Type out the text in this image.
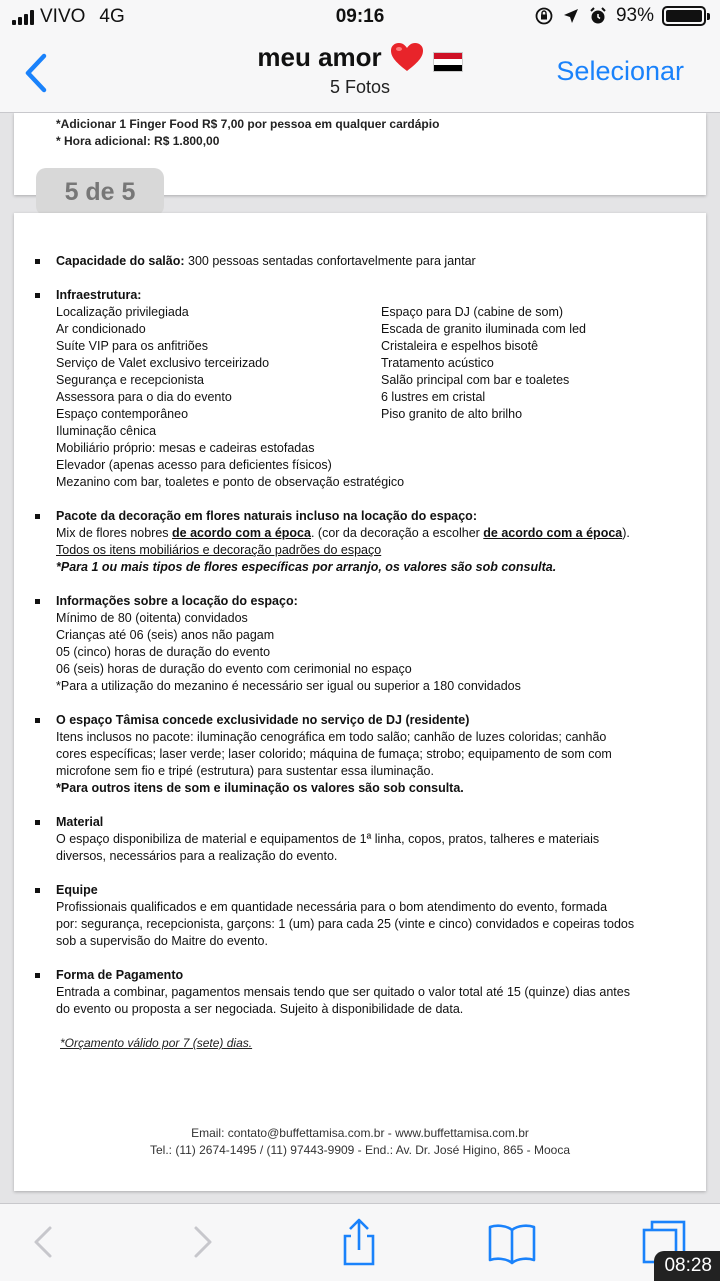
VIVO 4G	09:16	93%
meu amor
5 Fotos
Selecionar
*Adicionar 1 Finger Food R$ 7,00 por pessoa em qualquer cardápio
* Hora adicional: R$ 1.800,00
5 de 5
Capacidade do salão: 300 pessoas sentadas confortavelmente para jantar
Infraestrutura:
Localização privilegiada
Ar condicionado
Suíte VIP para os anfitriões
Serviço de Valet exclusivo terceirizado
Segurança e recepcionista
Assessora para o dia do evento
Espaço contemporâneo
Iluminação cênica
Mobiliário próprio: mesas e cadeiras estofadas
Elevador (apenas acesso para deficientes físicos)
Mezanino com bar, toaletes e ponto de observação estratégico
Espaço para DJ (cabine de som)
Escada de granito iluminada com led
Cristaleira e espelhos bisotê
Tratamento acústico
Salão principal com bar e toaletes
6 lustres em cristal
Piso granito de alto brilho
Pacote da decoração em flores naturais incluso na locação do espaço:
Mix de flores nobres de acordo com a época. (cor da decoração a escolher de acordo com a época).
Todos os itens mobiliários e decoração padrões do espaço
*Para 1 ou mais tipos de flores específicas por arranjo, os valores são sob consulta.
Informações sobre a locação do espaço:
Mínimo de 80 (oitenta) convidados
Crianças até 06 (seis) anos não pagam
05 (cinco) horas de duração do evento
06 (seis) horas de duração do evento com cerimonial no espaço
*Para a utilização do mezanino é necessário ser igual ou superior a 180 convidados
O espaço Tâmisa concede exclusividade no serviço de DJ (residente)
Itens inclusos no pacote: iluminação cenográfica em todo salão; canhão de luzes coloridas; canhão
cores específicas; laser verde; laser colorido; máquina de fumaça; strobo; equipamento de som com
microfone sem fio e tripé (estrutura) para sustentar essa iluminação.
*Para outros itens de som e iluminação os valores são sob consulta.
Material
O espaço disponibiliza de material e equipamentos de 1ª linha, copos, pratos, talheres e materiais
diversos, necessários para a realização do evento.
Equipe
Profissionais qualificados e em quantidade necessária para o bom atendimento do evento, formada
por: segurança, recepcionista, garçons: 1 (um) para cada 25 (vinte e cinco) convidados e copeiras todos
sob a supervisão do Maitre do evento.
Forma de Pagamento
Entrada a combinar, pagamentos mensais tendo que ser quitado o valor total até 15 (quinze) dias antes
do evento ou proposta a ser negociada. Sujeito à disponibilidade de data.
*Orçamento válido por 7 (sete) dias.
Email: contato@buffettamisa.com.br - www.buffettamisa.com.br
Tel.: (11) 2674-1495 / (11) 97443-9909 - End.: Av. Dr. José Higino, 865 - Mooca
08:28
